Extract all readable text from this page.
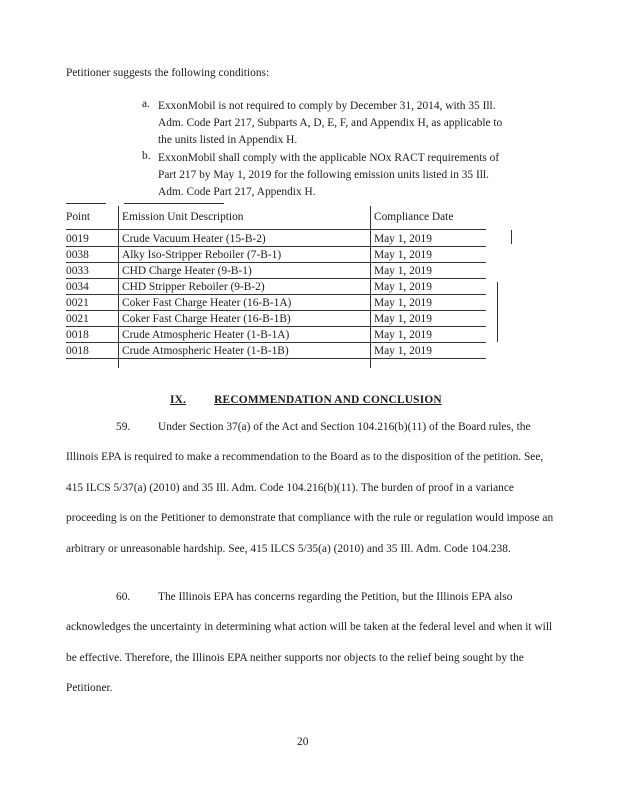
Petitioner suggests the following conditions:
a. ExxonMobil is not required to comply by December 31, 2014, with 35 Ill.
Adm. Code Part 217, Subparts A, D, E, F, and Appendix H, as applicable to
the units listed in Appendix H.
b. ExxonMobil shall comply with the applicable NOx RACT requirements of
Part 217 by May 1, 2019 for the following emission units listed in 35 Ill.
Adm. Code Part 217, Appendix H.
Point	Emission Unit Description	Compliance Date
0019	Crude Vacuum Heater (15-B-2)	May 1, 2019
0038	Alky Iso-Stripper Reboiler (7-B-1)	May 1, 2019
0033	CHD Charge Heater (9-B-1)	May 1, 2019
0034	CHD Stripper Reboiler (9-B-2)	May 1, 2019
0021	Coker Fast Charge Heater (16-B-1A)	May 1, 2019
0021	Coker Fast Charge Heater (16-B-1B)	May 1, 2019
0018	Crude Atmospheric Heater (1-B-1A)	May 1, 2019
0018	Crude Atmospheric Heater (1-B-1B)	May 1, 2019
IX. RECOMMENDATION AND CONCLUSION
59. Under Section 37(a) of the Act and Section 104.216(b)(11) of the Board rules, the Illinois EPA is required to make a recommendation to the Board as to the disposition of the petition. See, 415 ILCS 5/37(a) (2010) and 35 Ill. Adm. Code 104.216(b)(11). The burden of proof in a variance proceeding is on the Petitioner to demonstrate that compliance with the rule or regulation would impose an arbitrary or unreasonable hardship. See, 415 ILCS 5/35(a) (2010) and 35 Ill. Adm. Code 104.238.
60. The Illinois EPA has concerns regarding the Petition, but the Illinois EPA also acknowledges the uncertainty in determining what action will be taken at the federal level and when it will be effective. Therefore, the Illinois EPA neither supports nor objects to the relief being sought by the Petitioner.
20
